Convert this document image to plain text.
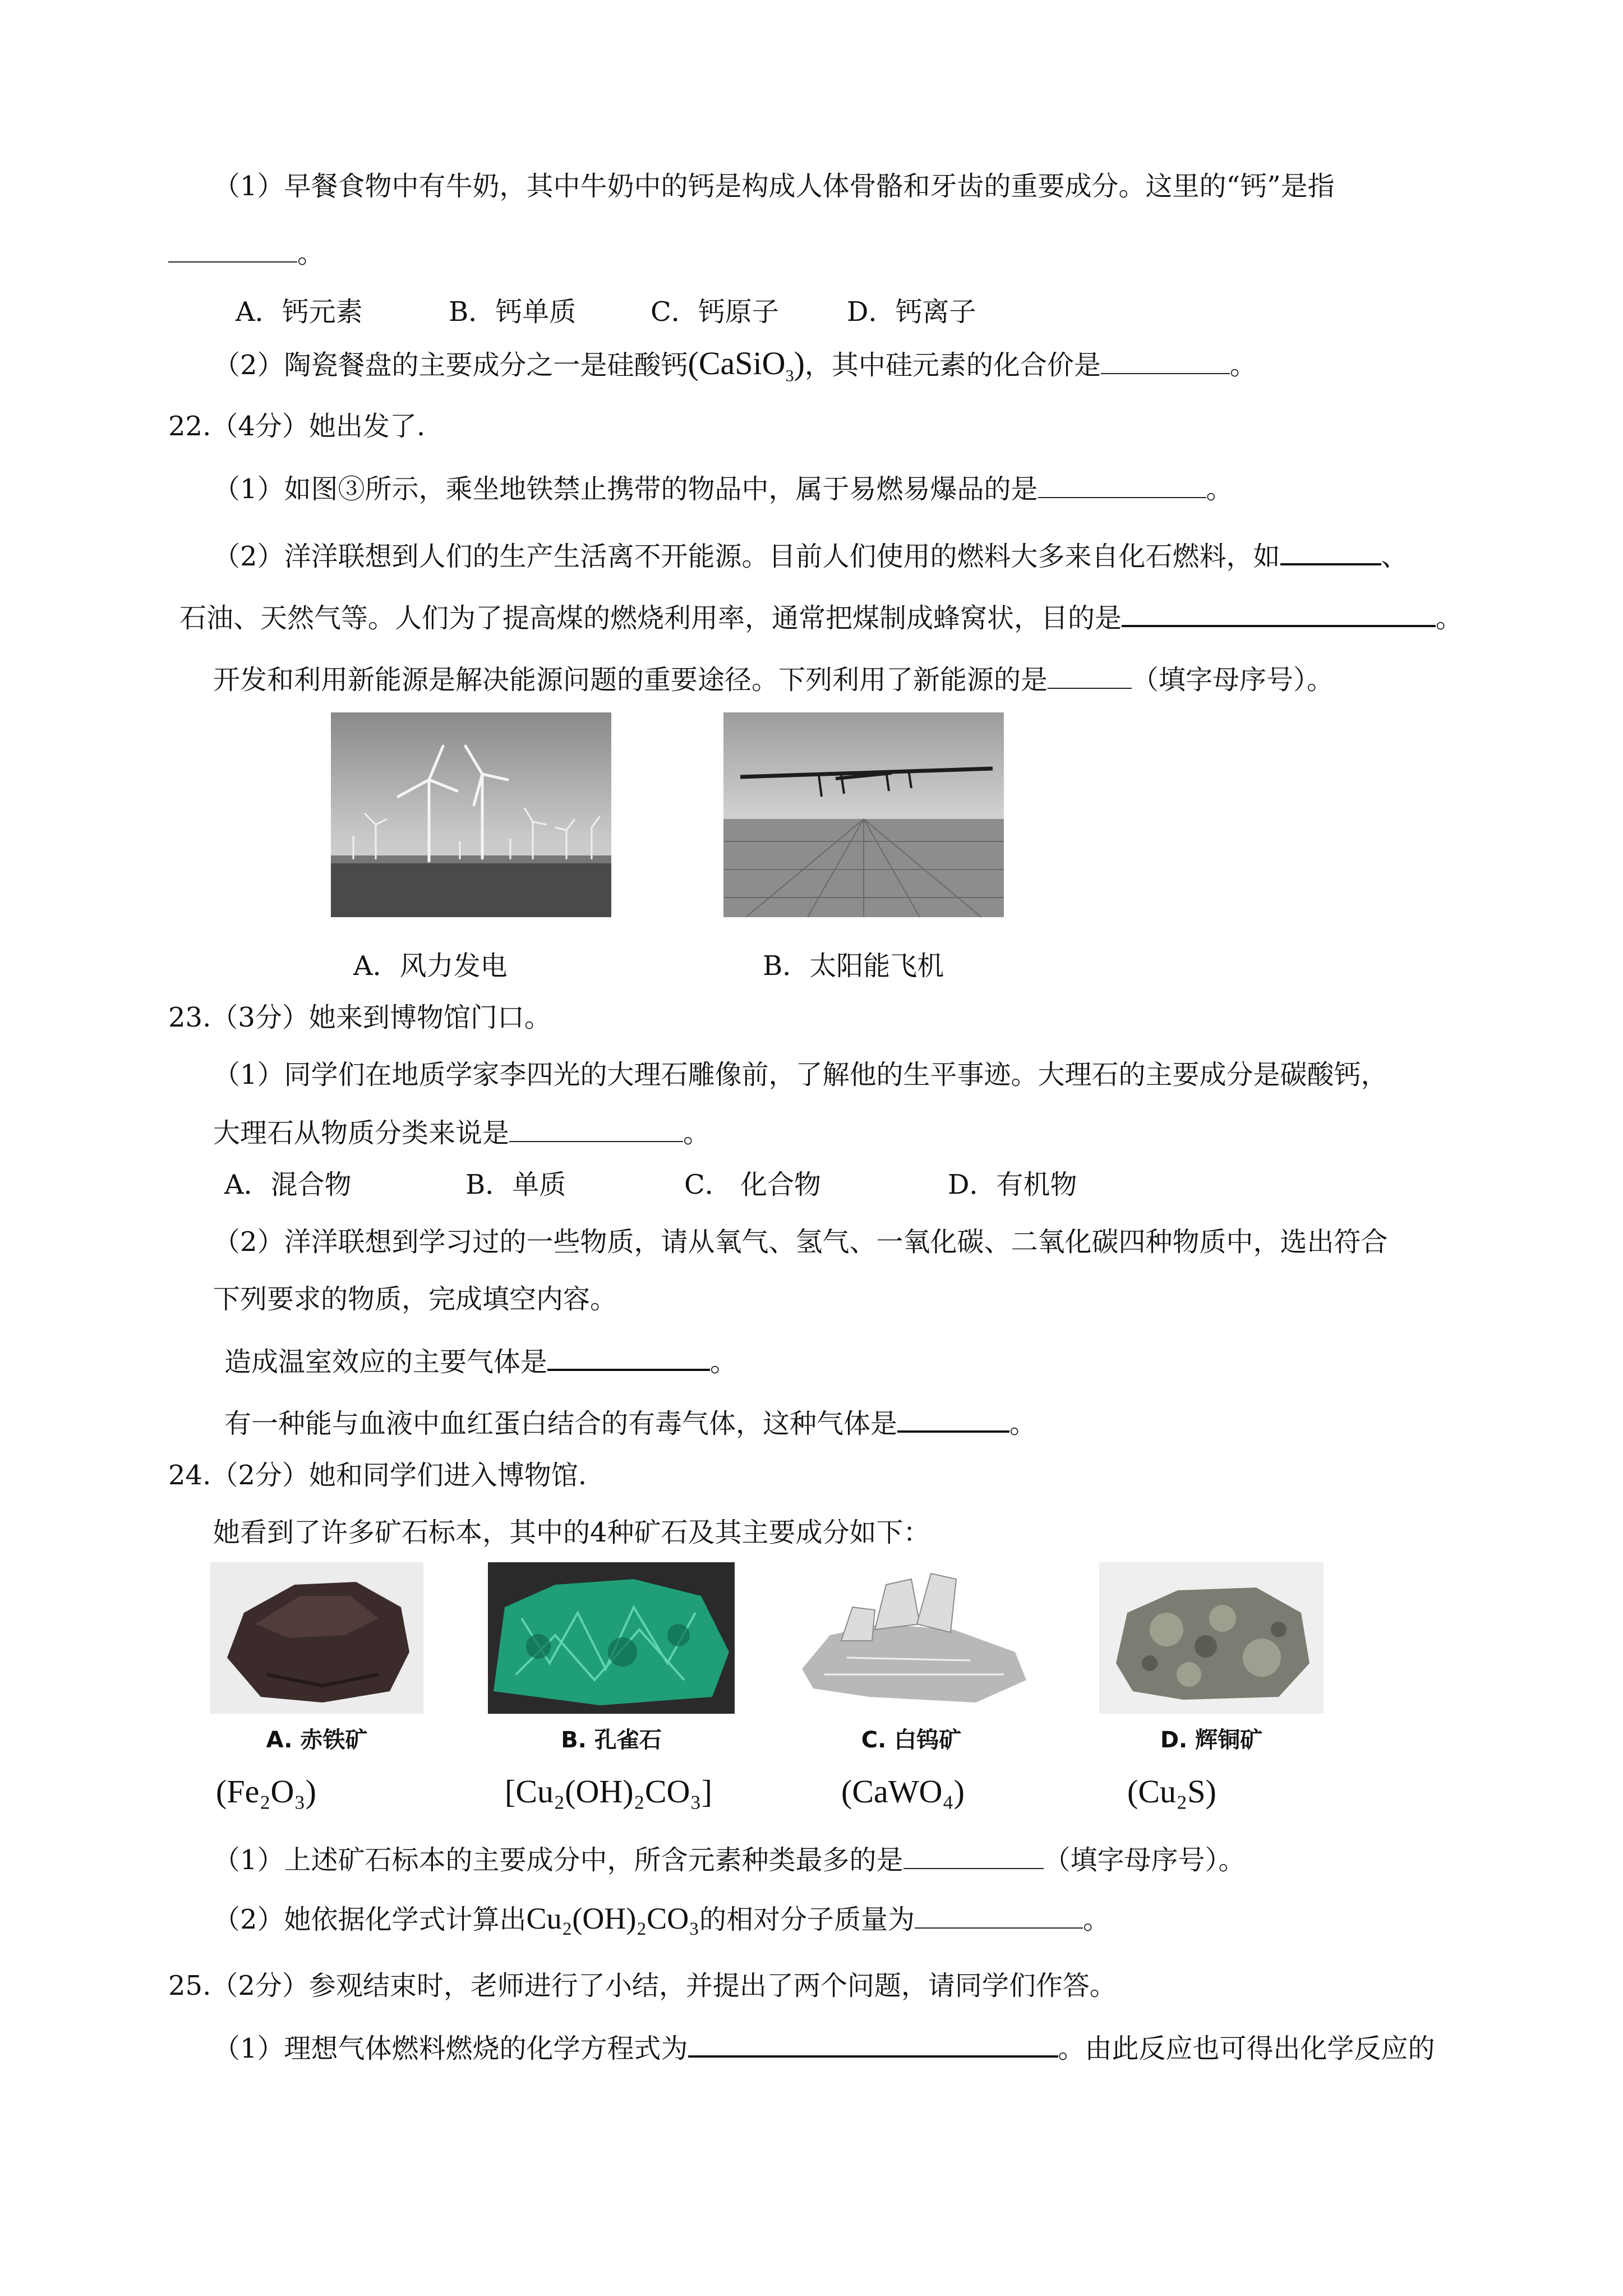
（1）早餐食物中有牛奶，其中牛奶中的钙是构成人体骨骼和牙齿的重要成分。这里的“钙”是指
。
A．钙元素	B．钙单质	C．钙原子	D．钙离子
（2）陶瓷餐盘的主要成分之一是硅酸钙(CaSiO$_3$)，其中硅元素的化合价是	。
22.（4分）她出发了.
（1）如图③所示，乘坐地铁禁止携带的物品中，属于易燃易爆品的是	。
（2）洋洋联想到人们的生产生活离不开能源。目前人们使用的燃料大多来自化石燃料，如	、
石油、天然气等。人们为了提高煤的燃烧利用率，通常把煤制成蜂窝状，目的是	。
开发和利用新能源是解决能源问题的重要途径。下列利用了新能源的是	（填字母序号）。
A．风力发电	B．太阳能飞机
23.（3分）她来到博物馆门口。
（1）同学们在地质学家李四光的大理石雕像前，了解他的生平事迹。大理石的主要成分是碳酸钙，
大理石从物质分类来说是	。
A．混合物	B．单质	C． 化合物	D．有机物
（2）洋洋联想到学习过的一些物质，请从氧气、氢气、一氧化碳、二氧化碳四种物质中，选出符合
下列要求的物质，完成填空内容。
造成温室效应的主要气体是	。
有一种能与血液中血红蛋白结合的有毒气体，这种气体是	。
24.（2分）她和同学们进入博物馆.
她看到了许多矿石标本，其中的4种矿石及其主要成分如下：
A. 赤铁矿	B. 孔雀石	C. 白钨矿	D. 辉铜矿
(Fe₂O₃)	[Cu₂(OH)₂CO₃]	(CaWO₄)	(Cu₂S)
（1）上述矿石标本的主要成分中，所含元素种类最多的是	（填字母序号）。
（2）她依据化学式计算出Cu₂(OH)₂CO₃的相对分子质量为	。
25.（2分）参观结束时，老师进行了小结，并提出了两个问题，请同学们作答。
（1）理想气体燃料燃烧的化学方程式为	。由此反应也可得出化学反应的
